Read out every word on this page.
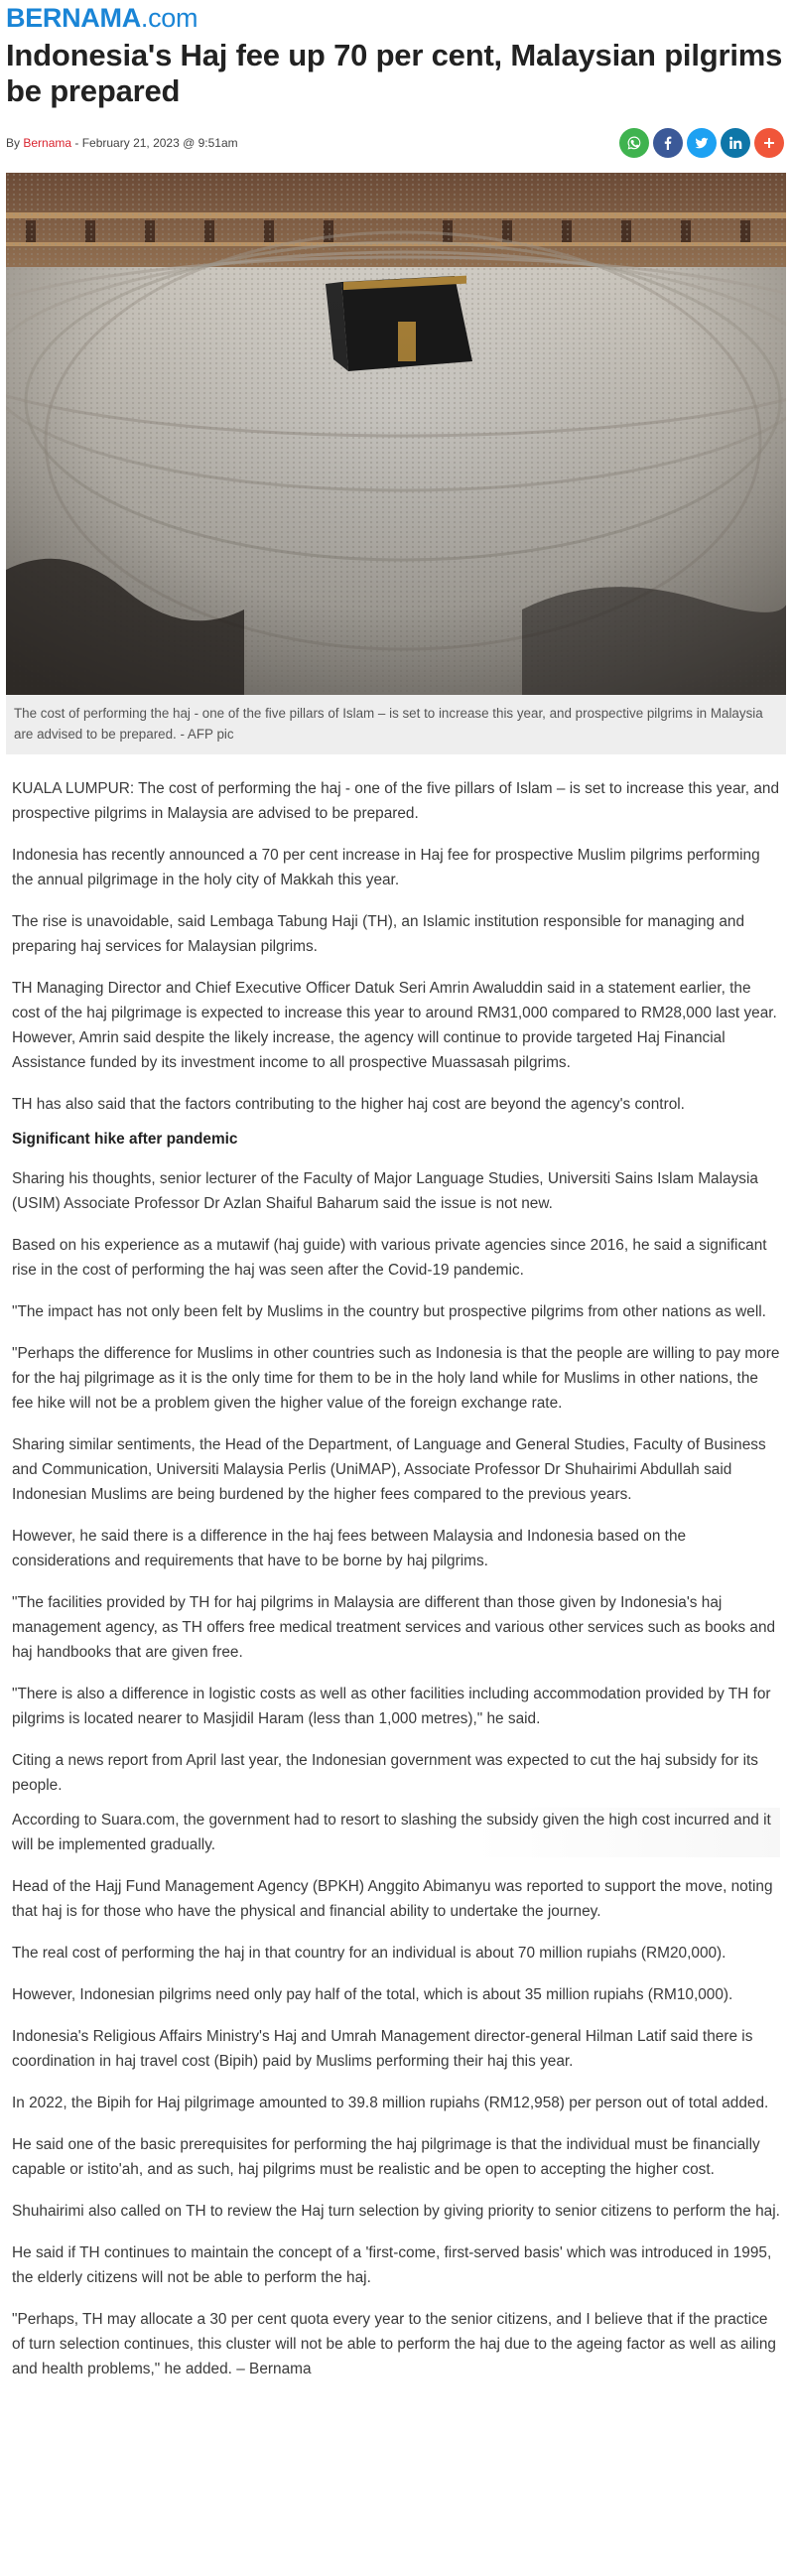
BERNAMA.com
Indonesia's Haj fee up 70 per cent, Malaysian pilgrims be prepared
By Bernama - February 21, 2023 @ 9:51am
The cost of performing the haj - one of the five pillars of Islam – is set to increase this year, and prospective pilgrims in Malaysia are advised to be prepared. - AFP pic

KUALA LUMPUR: The cost of performing the haj - one of the five pillars of Islam – is set to increase this year, and prospective pilgrims in Malaysia are advised to be prepared.

Indonesia has recently announced a 70 per cent increase in Haj fee for prospective Muslim pilgrims performing the annual pilgrimage in the holy city of Makkah this year.

The rise is unavoidable, said Lembaga Tabung Haji (TH), an Islamic institution responsible for managing and preparing haj services for Malaysian pilgrims.

TH Managing Director and Chief Executive Officer Datuk Seri Amrin Awaluddin said in a statement earlier, the cost of the haj pilgrimage is expected to increase this year to around RM31,000 compared to RM28,000 last year.

However, Amrin said despite the likely increase, the agency will continue to provide targeted Haj Financial Assistance funded by its investment income to all prospective Muassasah pilgrims.

TH has also said that the factors contributing to the higher haj cost are beyond the agency's control.

Significant hike after pandemic

Sharing his thoughts, senior lecturer of the Faculty of Major Language Studies, Universiti Sains Islam Malaysia (USIM) Associate Professor Dr Azlan Shaiful Baharum said the issue is not new.

Based on his experience as a mutawif (haj guide) with various private agencies since 2016, he said a significant rise in the cost of performing the haj was seen after the Covid-19 pandemic.

"The impact has not only been felt by Muslims in the country but prospective pilgrims from other nations as well.

"Perhaps the difference for Muslims in other countries such as Indonesia is that the people are willing to pay more for the haj pilgrimage as it is the only time for them to be in the holy land while for Muslims in other nations, the fee hike will not be a problem given the higher value of the foreign exchange rate.

Sharing similar sentiments, the Head of the Department, of Language and General Studies, Faculty of Business and Communication, Universiti Malaysia Perlis (UniMAP), Associate Professor Dr Shuhairimi Abdullah said Indonesian Muslims are being burdened by the higher fees compared to the previous years.

However, he said there is a difference in the haj fees between Malaysia and Indonesia based on the considerations and requirements that have to be borne by haj pilgrims.

"The facilities provided by TH for haj pilgrims in Malaysia are different than those given by Indonesia's haj management agency, as TH offers free medical treatment services and various other services such as books and haj handbooks that are given free.

"There is also a difference in logistic costs as well as other facilities including accommodation provided by TH for pilgrims is located nearer to Masjidil Haram (less than 1,000 metres)," he said.

Citing a news report from April last year, the Indonesian government was expected to cut the haj subsidy for its people.

According to Suara.com, the government had to resort to slashing the subsidy given the high cost incurred and it will be implemented gradually.

Head of the Hajj Fund Management Agency (BPKH) Anggito Abimanyu was reported to support the move, noting that haj is for those who have the physical and financial ability to undertake the journey.

The real cost of performing the haj in that country for an individual is about 70 million rupiahs (RM20,000).

However, Indonesian pilgrims need only pay half of the total, which is about 35 million rupiahs (RM10,000).

Indonesia's Religious Affairs Ministry's Haj and Umrah Management director-general Hilman Latif said there is coordination in haj travel cost (Bipih) paid by Muslims performing their haj this year.

In 2022, the Bipih for Haj pilgrimage amounted to 39.8 million rupiahs (RM12,958) per person out of total added.

He said one of the basic prerequisites for performing the haj pilgrimage is that the individual must be financially capable or istito'ah, and as such, haj pilgrims must be realistic and be open to accepting the higher cost.

Shuhairimi also called on TH to review the Haj turn selection by giving priority to senior citizens to perform the haj.

He said if TH continues to maintain the concept of a 'first-come, first-served basis' which was introduced in 1995, the elderly citizens will not be able to perform the haj.

"Perhaps, TH may allocate a 30 per cent quota every year to the senior citizens, and I believe that if the practice of turn selection continues, this cluster will not be able to perform the haj due to the ageing factor as well as ailing and health problems," he added. – Bernama
